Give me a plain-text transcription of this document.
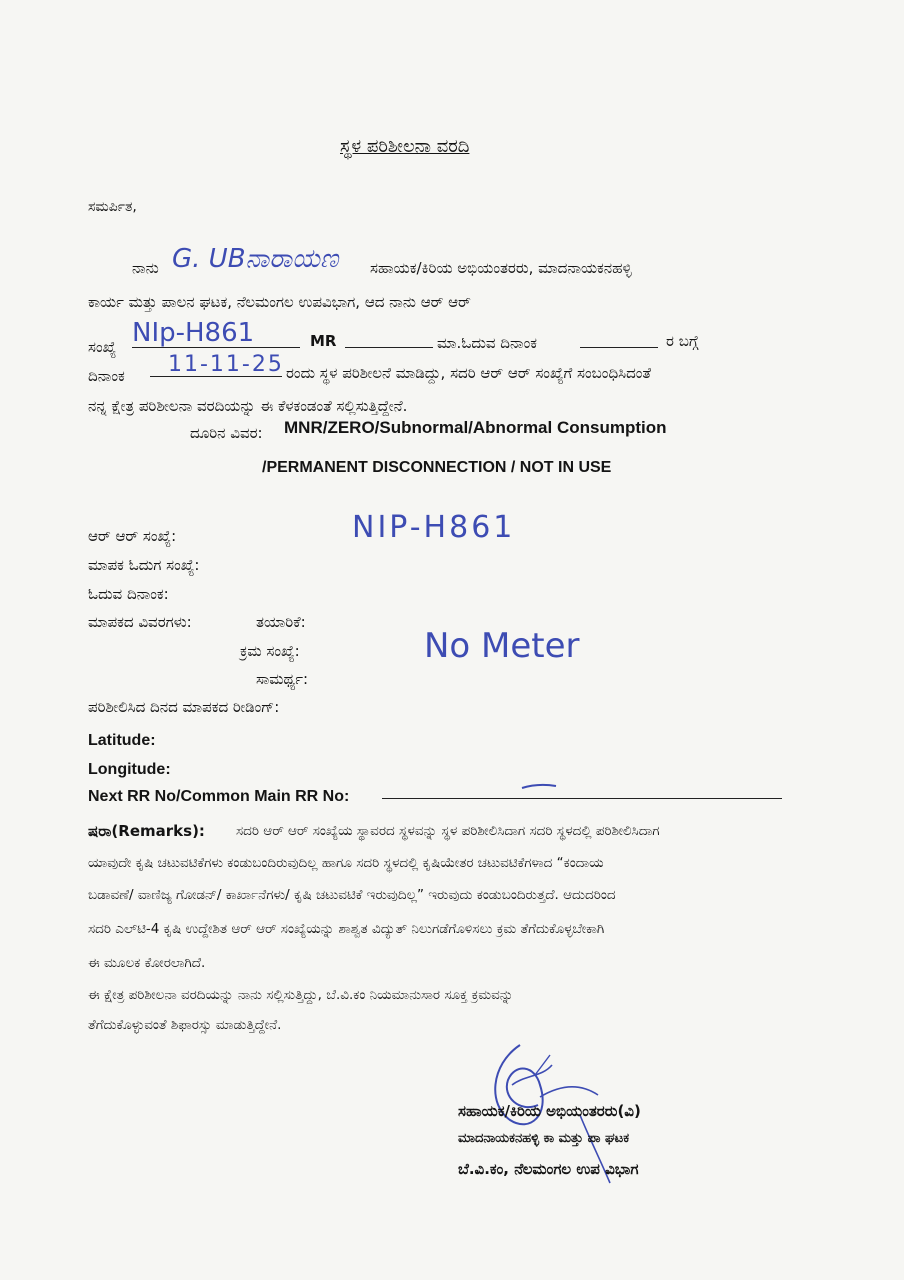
ಸ್ಥಳ ಪರಿಶೀಲನಾ ವರದಿ
ಸಮರ್ಪಿತ,
ನಾನು G. UBನಾರಾಯಣ ಸಹಾಯಕ/ಕಿರಿಯ ಅಭಿಯಂತರರು, ಮಾದನಾಯಕನಹಳ್ಳಿ
ಕಾರ್ಯ ಮತ್ತು ಪಾಲನ ಘಟಕ, ನೆಲಮಂಗಲ ಉಪವಿಭಾಗ, ಆದ ನಾನು ಆರ್ ಆರ್
ಸಂಖ್ಯೆ NIp-H861	MR	ಮಾ.ಓದುವ ದಿನಾಂಕ	ರ ಬಗ್ಗೆ
ದಿನಾಂಕ 11-11-25 ರಂದು ಸ್ಥಳ ಪರಿಶೀಲನೆ ಮಾಡಿದ್ದು, ಸದರಿ ಆರ್ ಆರ್ ಸಂಖ್ಯೆಗೆ ಸಂಬಂಧಿಸಿದಂತೆ
ನನ್ನ ಕ್ಷೇತ್ರ ಪರಿಶೀಲನಾ ವರದಿಯನ್ನು ಈ ಕೆಳಕಂಡಂತೆ ಸಲ್ಲಿಸುತ್ತಿದ್ದೇನೆ.
ದೂರಿನ ವಿವರ: MNR/ZERO/Subnormal/Abnormal Consumption
/PERMANENT DISCONNECTION / NOT IN USE
ಆರ್ ಆರ್ ಸಂಖ್ಯೆ:	NIP-H861
ಮಾಪಕ ಓದುಗ ಸಂಖ್ಯೆ:
ಓದುವ ದಿನಾಂಕ:
ಮಾಪಕದ ವಿವರಗಳು:	ತಯಾರಿಕೆ:
ಕ್ರಮ ಸಂಖ್ಯೆ:	No Meter
ಸಾಮರ್ಥ್ಯ:
ಪರಿಶೀಲಿಸಿದ ದಿನದ ಮಾಪಕದ ರೀಡಿಂಗ್:
Latitude:
Longitude:
Next RR No/Common Main RR No:
ಷರಾ(Remarks): ಸದರಿ ಆರ್ ಆರ್ ಸಂಖ್ಯೆಯ ಸ್ಥಾವರದ ಸ್ಥಳವನ್ನು ಸ್ಥಳ ಪರಿಶೀಲಿಸಿದಾಗ ಸದರಿ ಸ್ಥಳದಲ್ಲಿ ಪರಿಶೀಲಿಸಿದಾಗ
ಯಾವುದೇ ಕೃಷಿ ಚಟುವಟಿಕೆಗಳು ಕಂಡುಬಂದಿರುವುದಿಲ್ಲ ಹಾಗೂ ಸದರಿ ಸ್ಥಳದಲ್ಲಿ ಕೃಷಿಯೇತರ ಚಟುವಟಿಕೆಗಳಾದ “ಕಂದಾಯ
ಬಡಾವಣೆ/ ವಾಣಿಜ್ಯ ಗೋಡನ್/ ಕಾರ್ಖಾನೆಗಳು/ ಕೃಷಿ ಚಟುವಟಿಕೆ ಇರುವುದಿಲ್ಲ” ಇರುವುದು ಕಂಡುಬಂದಿರುತ್ತದೆ. ಆದುದರಿಂದ
ಸದರಿ ಎಲ್‌ಟಿ-4 ಕೃಷಿ ಉದ್ದೇಶಿತ ಆರ್ ಆರ್ ಸಂಖ್ಯೆಯನ್ನು ಶಾಶ್ವತ ವಿದ್ಯುತ್ ನಿಲುಗಡೆಗೊಳಿಸಲು ಕ್ರಮ ತೆಗೆದುಕೊಳ್ಳಬೇಕಾಗಿ
ಈ ಮೂಲಕ ಕೋರಲಾಗಿದೆ.
ಈ ಕ್ಷೇತ್ರ ಪರಿಶೀಲನಾ ವರದಿಯನ್ನು ನಾನು ಸಲ್ಲಿಸುತ್ತಿದ್ದು, ಬೆ.ವಿ.ಕಂ ನಿಯಮಾನುಸಾರ ಸೂಕ್ತ ಕ್ರಮವನ್ನು
ತೆಗೆದುಕೊಳ್ಳುವಂತೆ ಶಿಫಾರಸ್ಸು ಮಾಡುತ್ತಿದ್ದೇನೆ.
ಸಹಾಯಕ/ಕಿರಿಯ ಅಭಿಯಂತರರು(ವಿ)
ಮಾದನಾಯಕನಹಳ್ಳಿ ಕಾ ಮತ್ತು ಪಾ ಘಟಕ
ಬೆ.ವಿ.ಕಂ, ನೆಲಮಂಗಲ ಉಪ ವಿಭಾಗ
